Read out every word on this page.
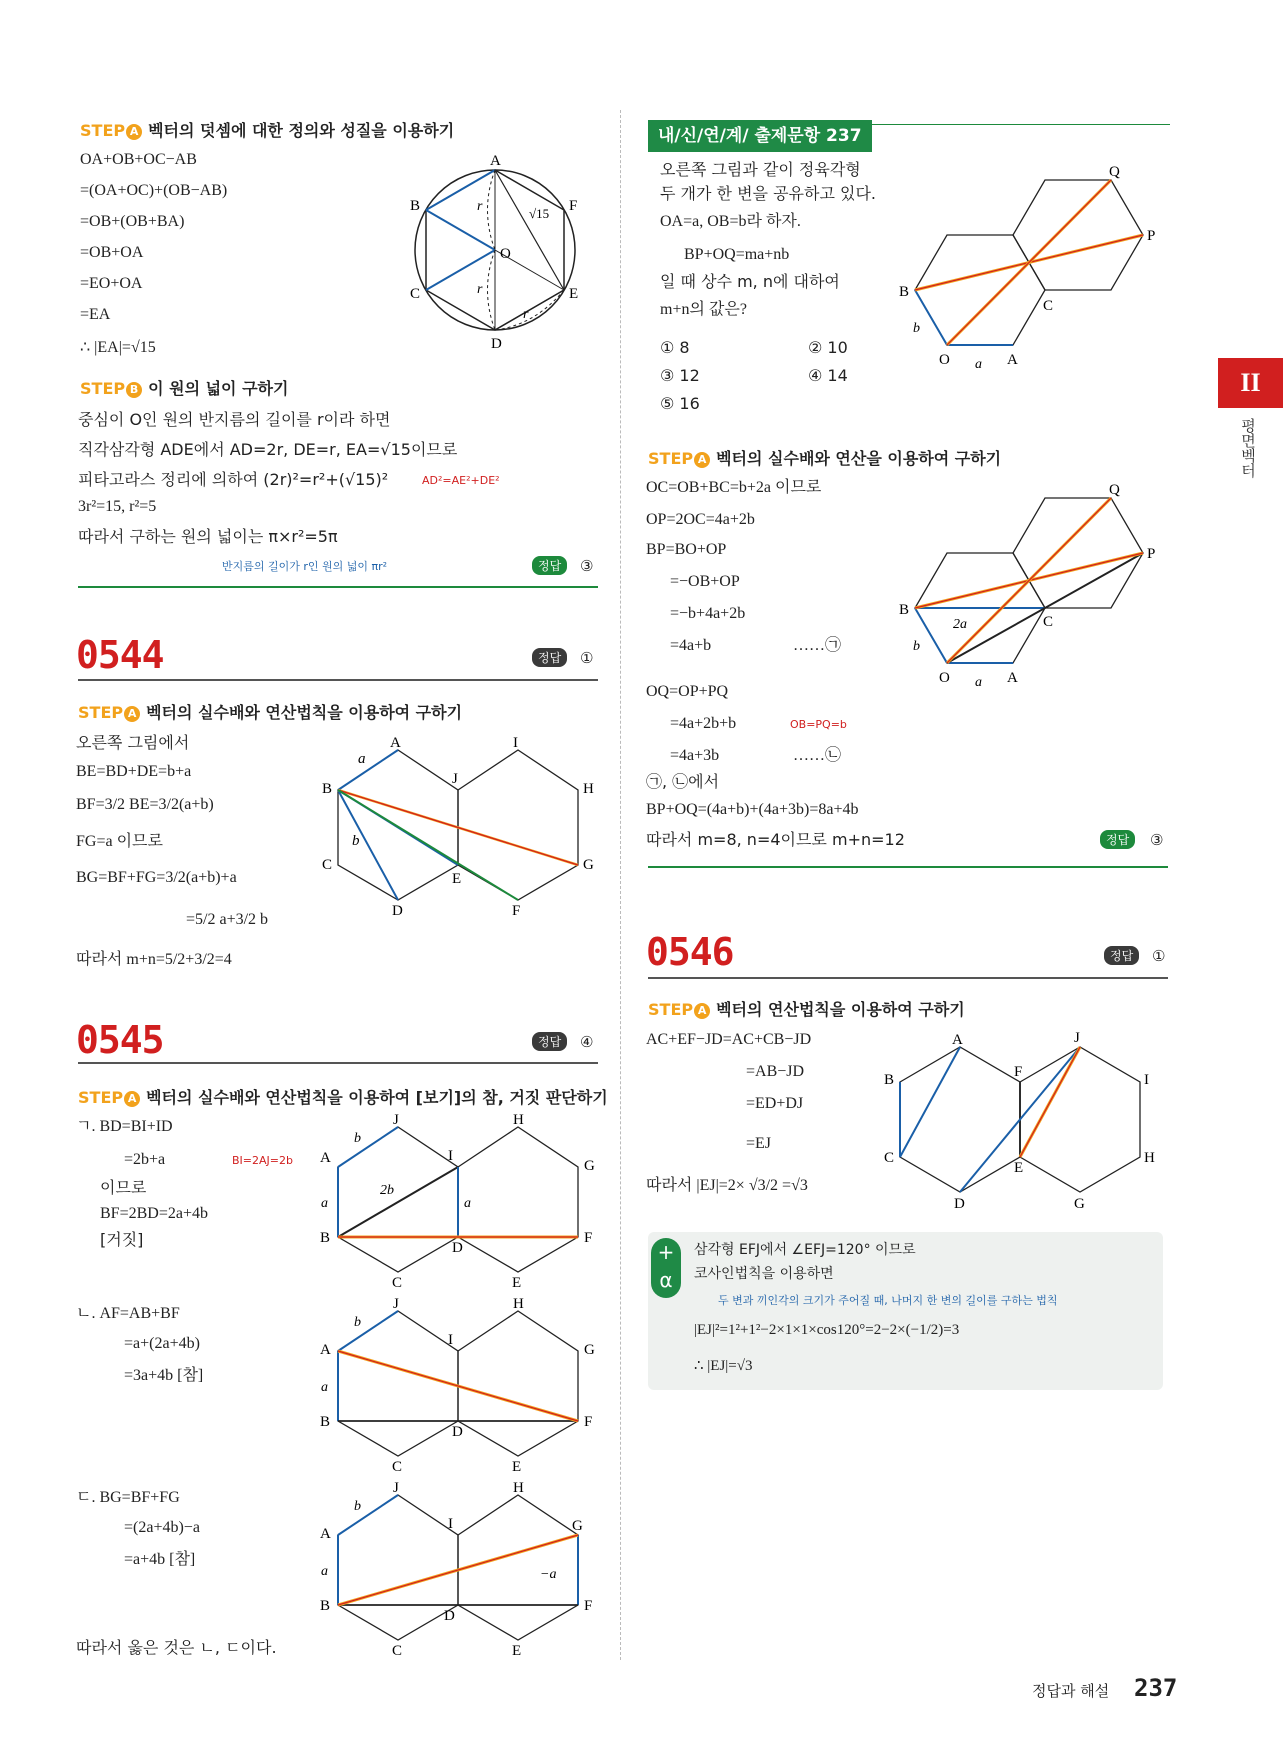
II
평면벡터
STEP A 벡터의 덧셈에 대한 정의와 성질을 이용하기
OA+OB+OC−AB
=(OA+OC)+(OB−AB)
=OB+(OB+BA)
=OB+OA
=EO+OA
=EA
∴ |EA|=√15
A
B
C
D
E
F
O
r
r
r
√15
STEP B 이 원의 넓이 구하기
중심이 O인 원의 반지름의 길이를 r이라 하면
직각삼각형 ADE에서 AD=2r, DE=r, EA=√15이므로
피타고라스 정리에 의하여 (2r)²=r²+(√15)²	AD²=AE²+DE²
3r²=15, r²=5
따라서 구하는 원의 넓이는 π×r²=5π
반지름의 길이가 r인 원의 넓이 πr²	정답	③
0544	정답	①
STEP A 벡터의 실수배와 연산법칙을 이용하여 구하기
오른쪽 그림에서
BE=BD+DE=b+a
BF=3/2 BE=3/2(a+b)
FG=a 이므로
BG=BF+FG=3/2(a+b)+a
=5/2 a+3/2 b
따라서 m+n=5/2+3/2=4
A	I
J
B	H
C
E
G
D	F
a
b
0545	정답	④
STEP A 벡터의 실수배와 연산법칙을 이용하여 [보기]의 참, 거짓 판단하기
ㄱ. BD=BI+ID
=2b+a	BI=2AJ=2b
이므로
BF=2BD=2a+4b
[거짓]
ㄴ. AF=AB+BF
=a+(2a+4b)
=3a+4b [참]
ㄷ. BG=BF+FG
=(2a+4b)−a
=a+4b [참]
따라서 옳은 것은 ㄴ, ㄷ이다.
J	H
A	I
G
B
D
F
C	E
a	a
b
2b
J	H
A
I
G
B
D
F
C	E
a
b
J	H
A
I	G
B
D
F
C	E
a
b
−a
내/신/연/계/ 출제문항 237
오른쪽 그림과 같이 정육각형
두 개가 한 변을 공유하고 있다.
OA=a, OB=b라 하자.
BP+OQ=ma+nb
일 때 상수 m, n에 대하여
m+n의 값은?
① 8	② 10
③ 12	④ 14
⑤ 16
Q
P
B
C
O	A
a
b
STEP A 벡터의 실수배와 연산을 이용하여 구하기
OC=OB+BC=b+2a 이므로
OP=2OC=4a+2b
BP=BO+OP
=−OB+OP
=−b+4a+2b
=4a+b	……㉠
OQ=OP+PQ
=4a+2b+b	OB=PQ=b
=4a+3b	……㉡
㉠, ㉡에서
BP+OQ=(4a+b)+(4a+3b)=8a+4b
따라서 m=8, n=4이므로 m+n=12	정답	③
Q
P
B
C
O	A
a
b
2a
0546	정답	①
STEP A 벡터의 연산법칙을 이용하여 구하기
AC+EF−JD=AC+CB−JD
=AB−JD
=ED+DJ
=EJ
따라서 |EJ|=2× √3/2 =√3
A	J
B	F	I
C
E
H
D	G
+
α
삼각형 EFJ에서 ∠EFJ=120° 이므로
코사인법칙을 이용하면
두 변과 끼인각의 크기가 주어질 때, 나머지 한 변의 길이를 구하는 법칙
|EJ|²=1²+1²−2×1×1×cos120°=2−2×(−1/2)=3
∴ |EJ|=√3
정답과 해설 237
